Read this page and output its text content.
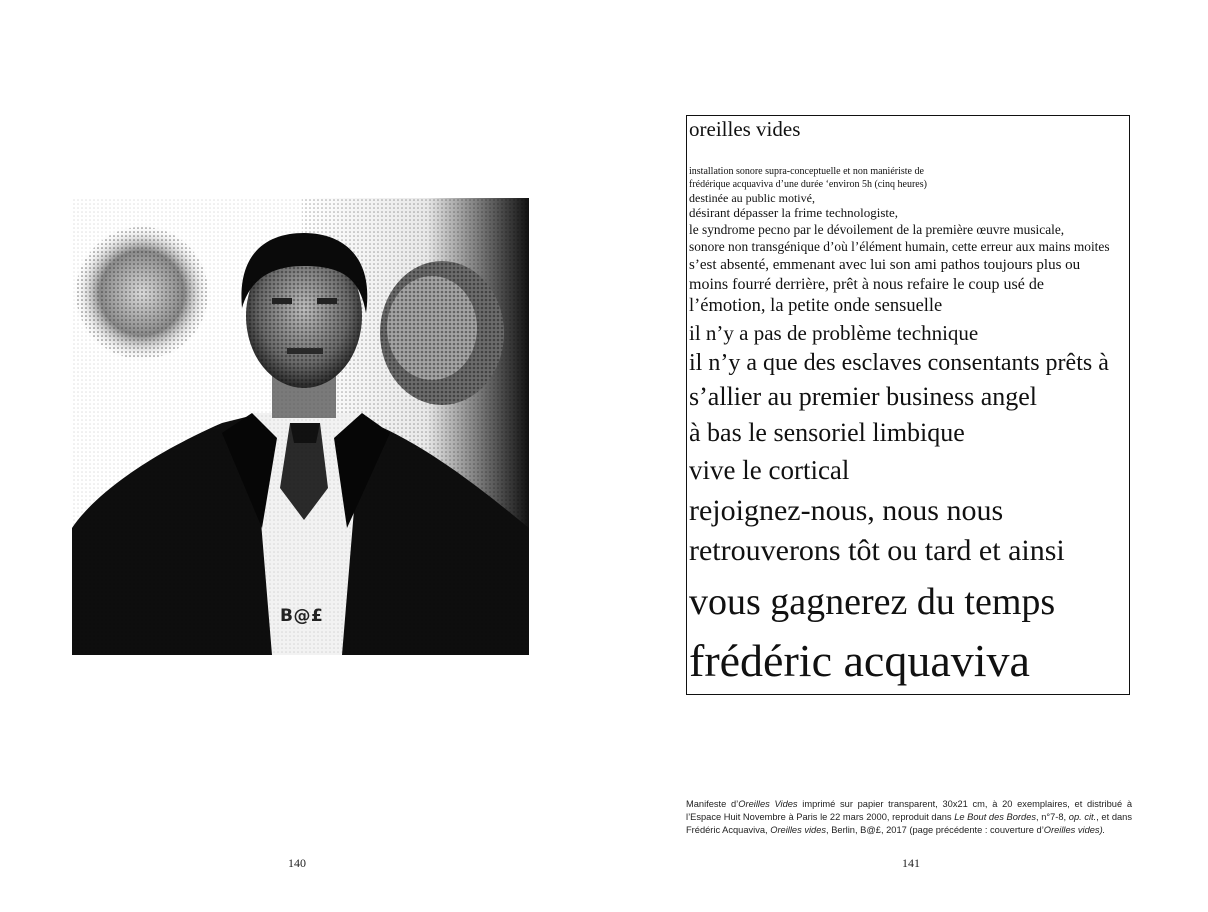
B@£
140
oreilles vides
installation sonore supra-conceptuelle et non maniériste de
frédérique acquaviva d’une durée ‘environ 5h (cinq heures)
destinée au public motivé,
désirant dépasser la frime technologiste,
le syndrome pecno par le dévoilement de la première œuvre musicale,
sonore non transgénique d’où l’élément humain, cette erreur aux mains moites
s’est absenté, emmenant avec lui son ami pathos toujours plus ou
moins fourré derrière, prêt à nous refaire le coup usé de
l’émotion, la petite onde sensuelle
il n’y a pas de problème technique
il n’y a que des esclaves consentants prêts à
s’allier au premier business angel
à bas le sensoriel limbique
vive le cortical
rejoignez-nous, nous nous
retrouverons tôt ou tard et ainsi
vous gagnerez du temps
frédéric acquaviva
Manifeste d’Oreilles Vides imprimé sur papier transparent, 30x21 cm, à 20 exemplaires, et distribué à l’Espace Huit Novembre à Paris le 22 mars 2000, reproduit dans Le Bout des Bordes, n°7-8, op. cit., et dans Frédéric Acquaviva, Oreilles vides, Berlin, B@£, 2017 (page précédente : couverture d’Oreilles vides).
141
